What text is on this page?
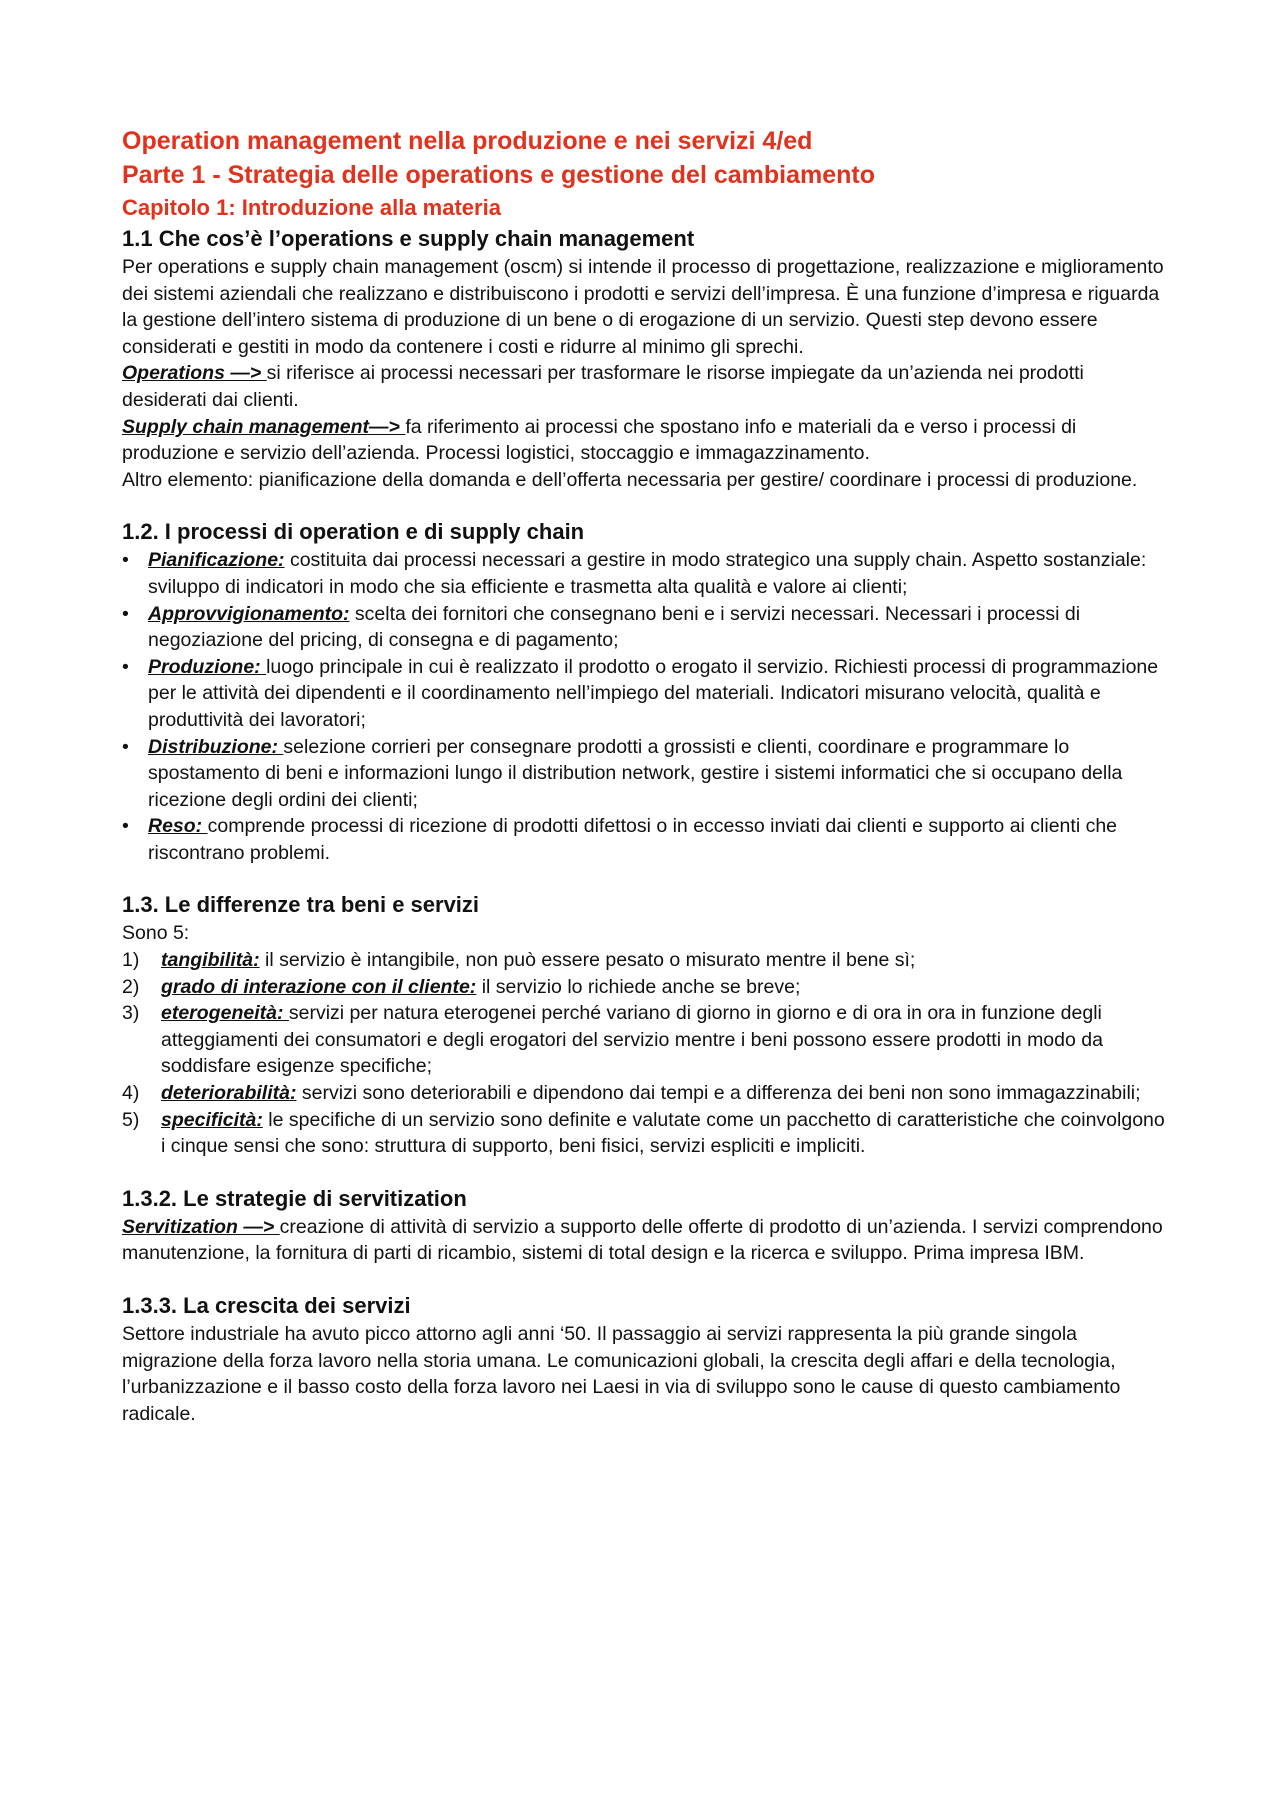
Operation management nella produzione e nei servizi 4/ed
Parte 1 - Strategia delle operations e gestione del cambiamento
Capitolo 1: Introduzione alla materia
1.1 Che cos’è l’operations e supply chain management

Per operations e supply chain management (oscm) si intende il processo di progettazione, realizzazione e miglioramento dei sistemi aziendali che realizzano e distribuiscono i prodotti e servizi dell’impresa. È una funzione d’impresa e riguarda la gestione dell’intero sistema di produzione di un bene o di erogazione di un servizio. Questi step devono essere considerati e gestiti in modo da contenere i costi e ridurre al minimo gli sprechi.

Operations —> si riferisce ai processi necessari per trasformare le risorse impiegate da un’azienda nei prodotti desiderati dai clienti.

Supply chain management—> fa riferimento ai processi che spostano info e materiali da e verso i processi di produzione e servizio dell’azienda. Processi logistici, stoccaggio e immagazzinamento.

Altro elemento: pianificazione della domanda e dell’offerta necessaria per gestire/ coordinare i processi di produzione.

1.2. I processi di operation e di supply chain
• Pianificazione: costituita dai processi necessari a gestire in modo strategico una supply chain. Aspetto sostanziale: sviluppo di indicatori in modo che sia efficiente e trasmetta alta qualità e valore ai clienti;
• Approvvigionamento: scelta dei fornitori che consegnano beni e i servizi necessari. Necessari i processi di negoziazione del pricing, di consegna e di pagamento;
• Produzione: luogo principale in cui è realizzato il prodotto o erogato il servizio. Richiesti processi di programmazione per le attività dei dipendenti e il coordinamento nell’impiego del materiali. Indicatori misurano velocità, qualità e produttività dei lavoratori;
• Distribuzione: selezione corrieri per consegnare prodotti a grossisti e clienti, coordinare e programmare lo spostamento di beni e informazioni lungo il distribution network, gestire i sistemi informatici che si occupano della ricezione degli ordini dei clienti;
• Reso: comprende processi di ricezione di prodotti difettosi o in eccesso inviati dai clienti e supporto ai clienti che riscontrano problemi.
1.3. Le differenze tra beni e servizi

Sono 5:

1) tangibilità: il servizio è intangibile, non può essere pesato o misurato mentre il bene sì;
2) grado di interazione con il cliente: il servizio lo richiede anche se breve;
3) eterogeneità: servizi per natura eterogenei perché variano di giorno in giorno e di ora in ora in funzione degli atteggiamenti dei consumatori e degli erogatori del servizio mentre i beni possono essere prodotti in modo da soddisfare esigenze specifiche;
4) deteriorabilità: servizi sono deteriorabili e dipendono dai tempi e a differenza dei beni non sono immagazzinabili;
5) specificità: le specifiche di un servizio sono definite e valutate come un pacchetto di caratteristiche che coinvolgono i cinque sensi che sono: struttura di supporto, beni fisici, servizi espliciti e impliciti.
1.3.2. Le strategie di servitization

Servitization —> creazione di attività di servizio a supporto delle offerte di prodotto di un’azienda. I servizi comprendono manutenzione, la fornitura di parti di ricambio, sistemi di total design e la ricerca e sviluppo. Prima impresa IBM.

1.3.3. La crescita dei servizi

Settore industriale ha avuto picco attorno agli anni ‘50. Il passaggio ai servizi rappresenta la più grande singola migrazione della forza lavoro nella storia umana. Le comunicazioni globali, la crescita degli affari e della tecnologia, l’urbanizzazione e il basso costo della forza lavoro nei Laesi in via di sviluppo sono le cause di questo cambiamento radicale.
